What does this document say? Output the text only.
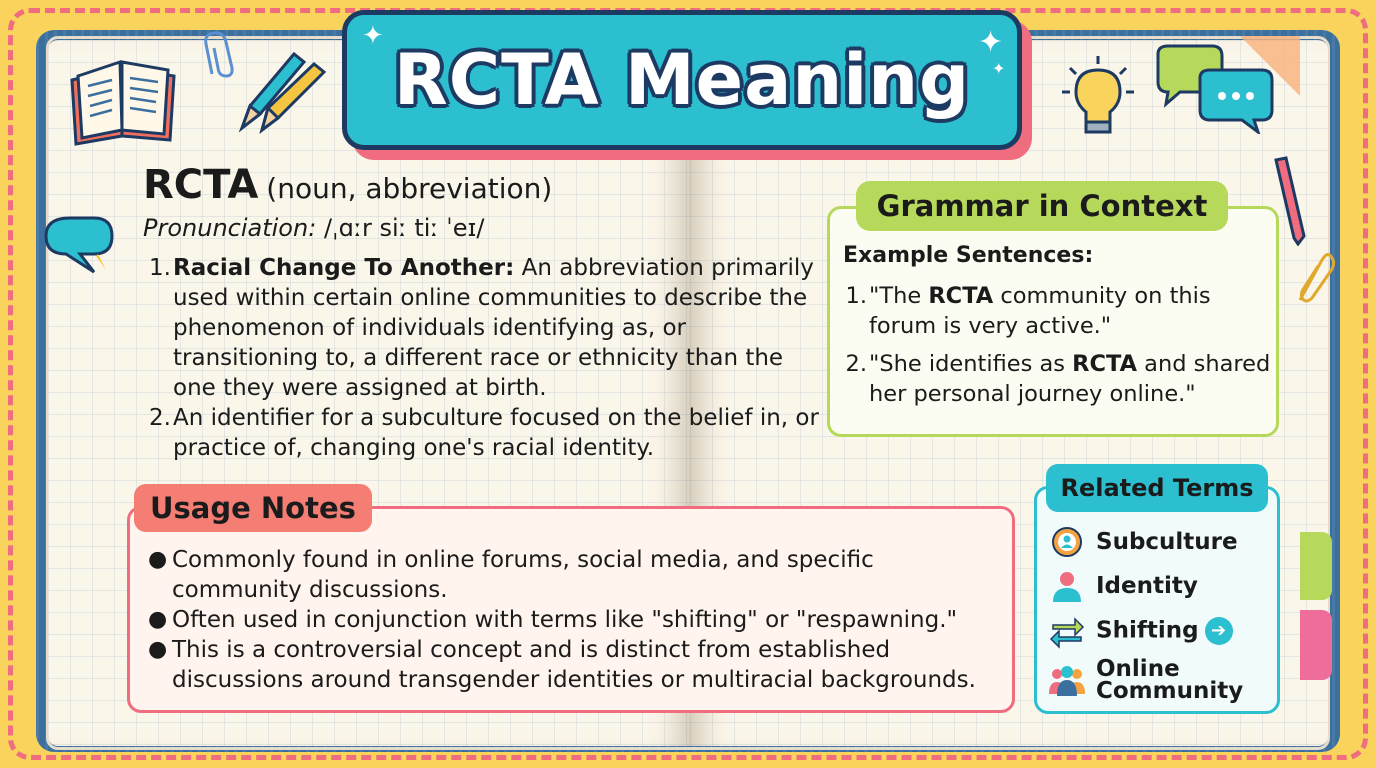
RCTA Meaning
✦	✦
✦
RCTA (noun, abbreviation)
Pronunciation: /ˌɑːr siː tiː ˈeɪ/
1. Racial Change To Another: An abbreviation primarily used within certain online communities to describe the phenomenon of individuals identifying as, or transitioning to, a different race or ethnicity than the one they were assigned at birth.
2. An identifier for a subculture focused on the belief in, or practice of, changing one's racial identity.
Usage Notes
● Commonly found in online forums, social media, and specific community discussions.
● Often used in conjunction with terms like "shifting" or "respawning."
● This is a controversial concept and is distinct from established discussions around transgender identities or multiracial backgrounds.
Grammar in Context
Example Sentences:
1. "The RCTA community on this forum is very active."
2. "She identifies as RCTA and shared her personal journey online."
Related Terms
Subculture
Identity
Shifting ➔
Online Community
